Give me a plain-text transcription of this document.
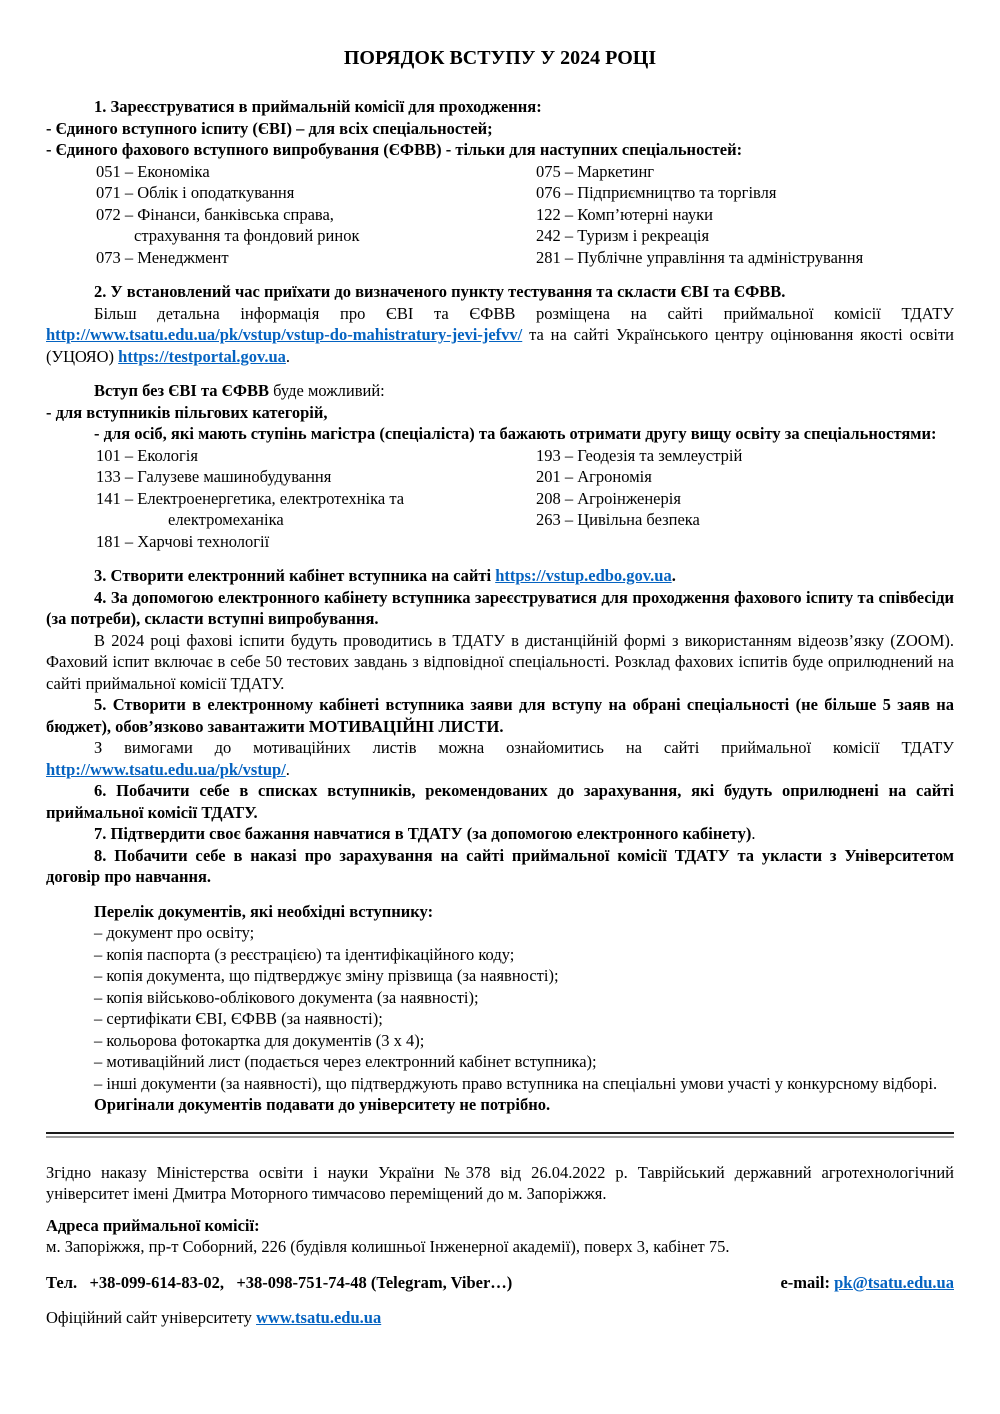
ПОРЯДОК ВСТУПУ У 2024 РОЦІ

1. Зареєструватися в приймальній комісії для проходження:

- Єдиного вступного іспиту (ЄВІ) – для всіх спеціальностей;

- Єдиного фахового вступного випробування (ЄФВВ) - тільки для наступних спеціальностей:

051 – Економіка	075 – Маркетинг
071 – Облік і оподаткування	076 – Підприємництво та торгівля
072 – Фінанси, банківська справа,	122 – Комп’ютерні науки
страхування та фондовий ринок	242 – Туризм і рекреація
073 – Менеджмент	281 – Публічне управління та адміністрування

2. У встановлений час приїхати до визначеного пункту тестування та скласти ЄВІ та ЄФВВ.

Більш детальна інформація про ЄВІ та ЄФВВ розміщена на сайті приймальної комісії ТДАТУ http://www.tsatu.edu.ua/pk/vstup/vstup-do-mahistratury-jevi-jefvv/ та на сайті Українського центру оцінювання якості освіти (УЦОЯО) https://testportal.gov.ua.

Вступ без ЄВІ та ЄФВВ буде можливий:

- для вступників пільгових категорій,

- для осіб, які мають ступінь магістра (спеціаліста) та бажають отримати другу вищу освіту за спеціальностями:

101 – Екологія	193 – Геодезія та землеустрій
133 – Галузеве машинобудування	201 – Агрономія
141 – Електроенергетика, електротехніка та	208 – Агроінженерія
електромеханіка	263 – Цивільна безпека
181 – Харчові технології

3. Створити електронний кабінет вступника на сайті https://vstup.edbo.gov.ua.

4. За допомогою електронного кабінету вступника зареєструватися для проходження фахового іспиту та співбесіди (за потреби), скласти вступні випробування.

В 2024 році фахові іспити будуть проводитись в ТДАТУ в дистанційній формі з використанням відеозв’язку (ZOOM). Фаховий іспит включає в себе 50 тестових завдань з відповідної спеціальності. Розклад фахових іспитів буде оприлюднений на сайті приймальної комісії ТДАТУ.

5. Створити в електронному кабінеті вступника заяви для вступу на обрані спеціальності (не більше 5 заяв на бюджет), обов’язково завантажити МОТИВАЦІЙНІ ЛИСТИ.

З вимогами до мотиваційних листів можна ознайомитись на сайті приймальної комісії ТДАТУ http://www.tsatu.edu.ua/pk/vstup/.

6. Побачити себе в списках вступників, рекомендованих до зарахування, які будуть оприлюднені на сайті приймальної комісії ТДАТУ.

7. Підтвердити своє бажання навчатися в ТДАТУ (за допомогою електронного кабінету).

8. Побачити себе в наказі про зарахування на сайті приймальної комісії ТДАТУ та укласти з Університетом договір про навчання.

Перелік документів, які необхідні вступнику:

– документ про освіту;

– копія паспорта (з реєстрацією) та ідентифікаційного коду;

– копія документа, що підтверджує зміну прізвища (за наявності);

– копія військово-облікового документа (за наявності);

– сертифікати ЄВІ, ЄФВВ (за наявності);

– кольорова фотокартка для документів (3 х 4);

– мотиваційний лист (подається через електронний кабінет вступника);

– інші документи (за наявності), що підтверджують право вступника на спеціальні умови участі у конкурсному відборі.

Оригінали документів подавати до університету не потрібно.

Згідно наказу Міністерства освіти і науки України №378 від 26.04.2022 р. Таврійський державний агротехнологічний університет імені Дмитра Моторного тимчасово переміщений до м. Запоріжжя.

Адреса приймальної комісії:

м. Запоріжжя, пр-т Соборний, 226 (будівля колишньої Інженерної академії), поверх 3, кабінет 75.

Тел.
+38-099-614-83-02,   +38-098-751-74-48 (Telegram, Viber…)	e-mail: pk@tsatu.edu.ua

Офіційний сайт університету www.tsatu.edu.ua
